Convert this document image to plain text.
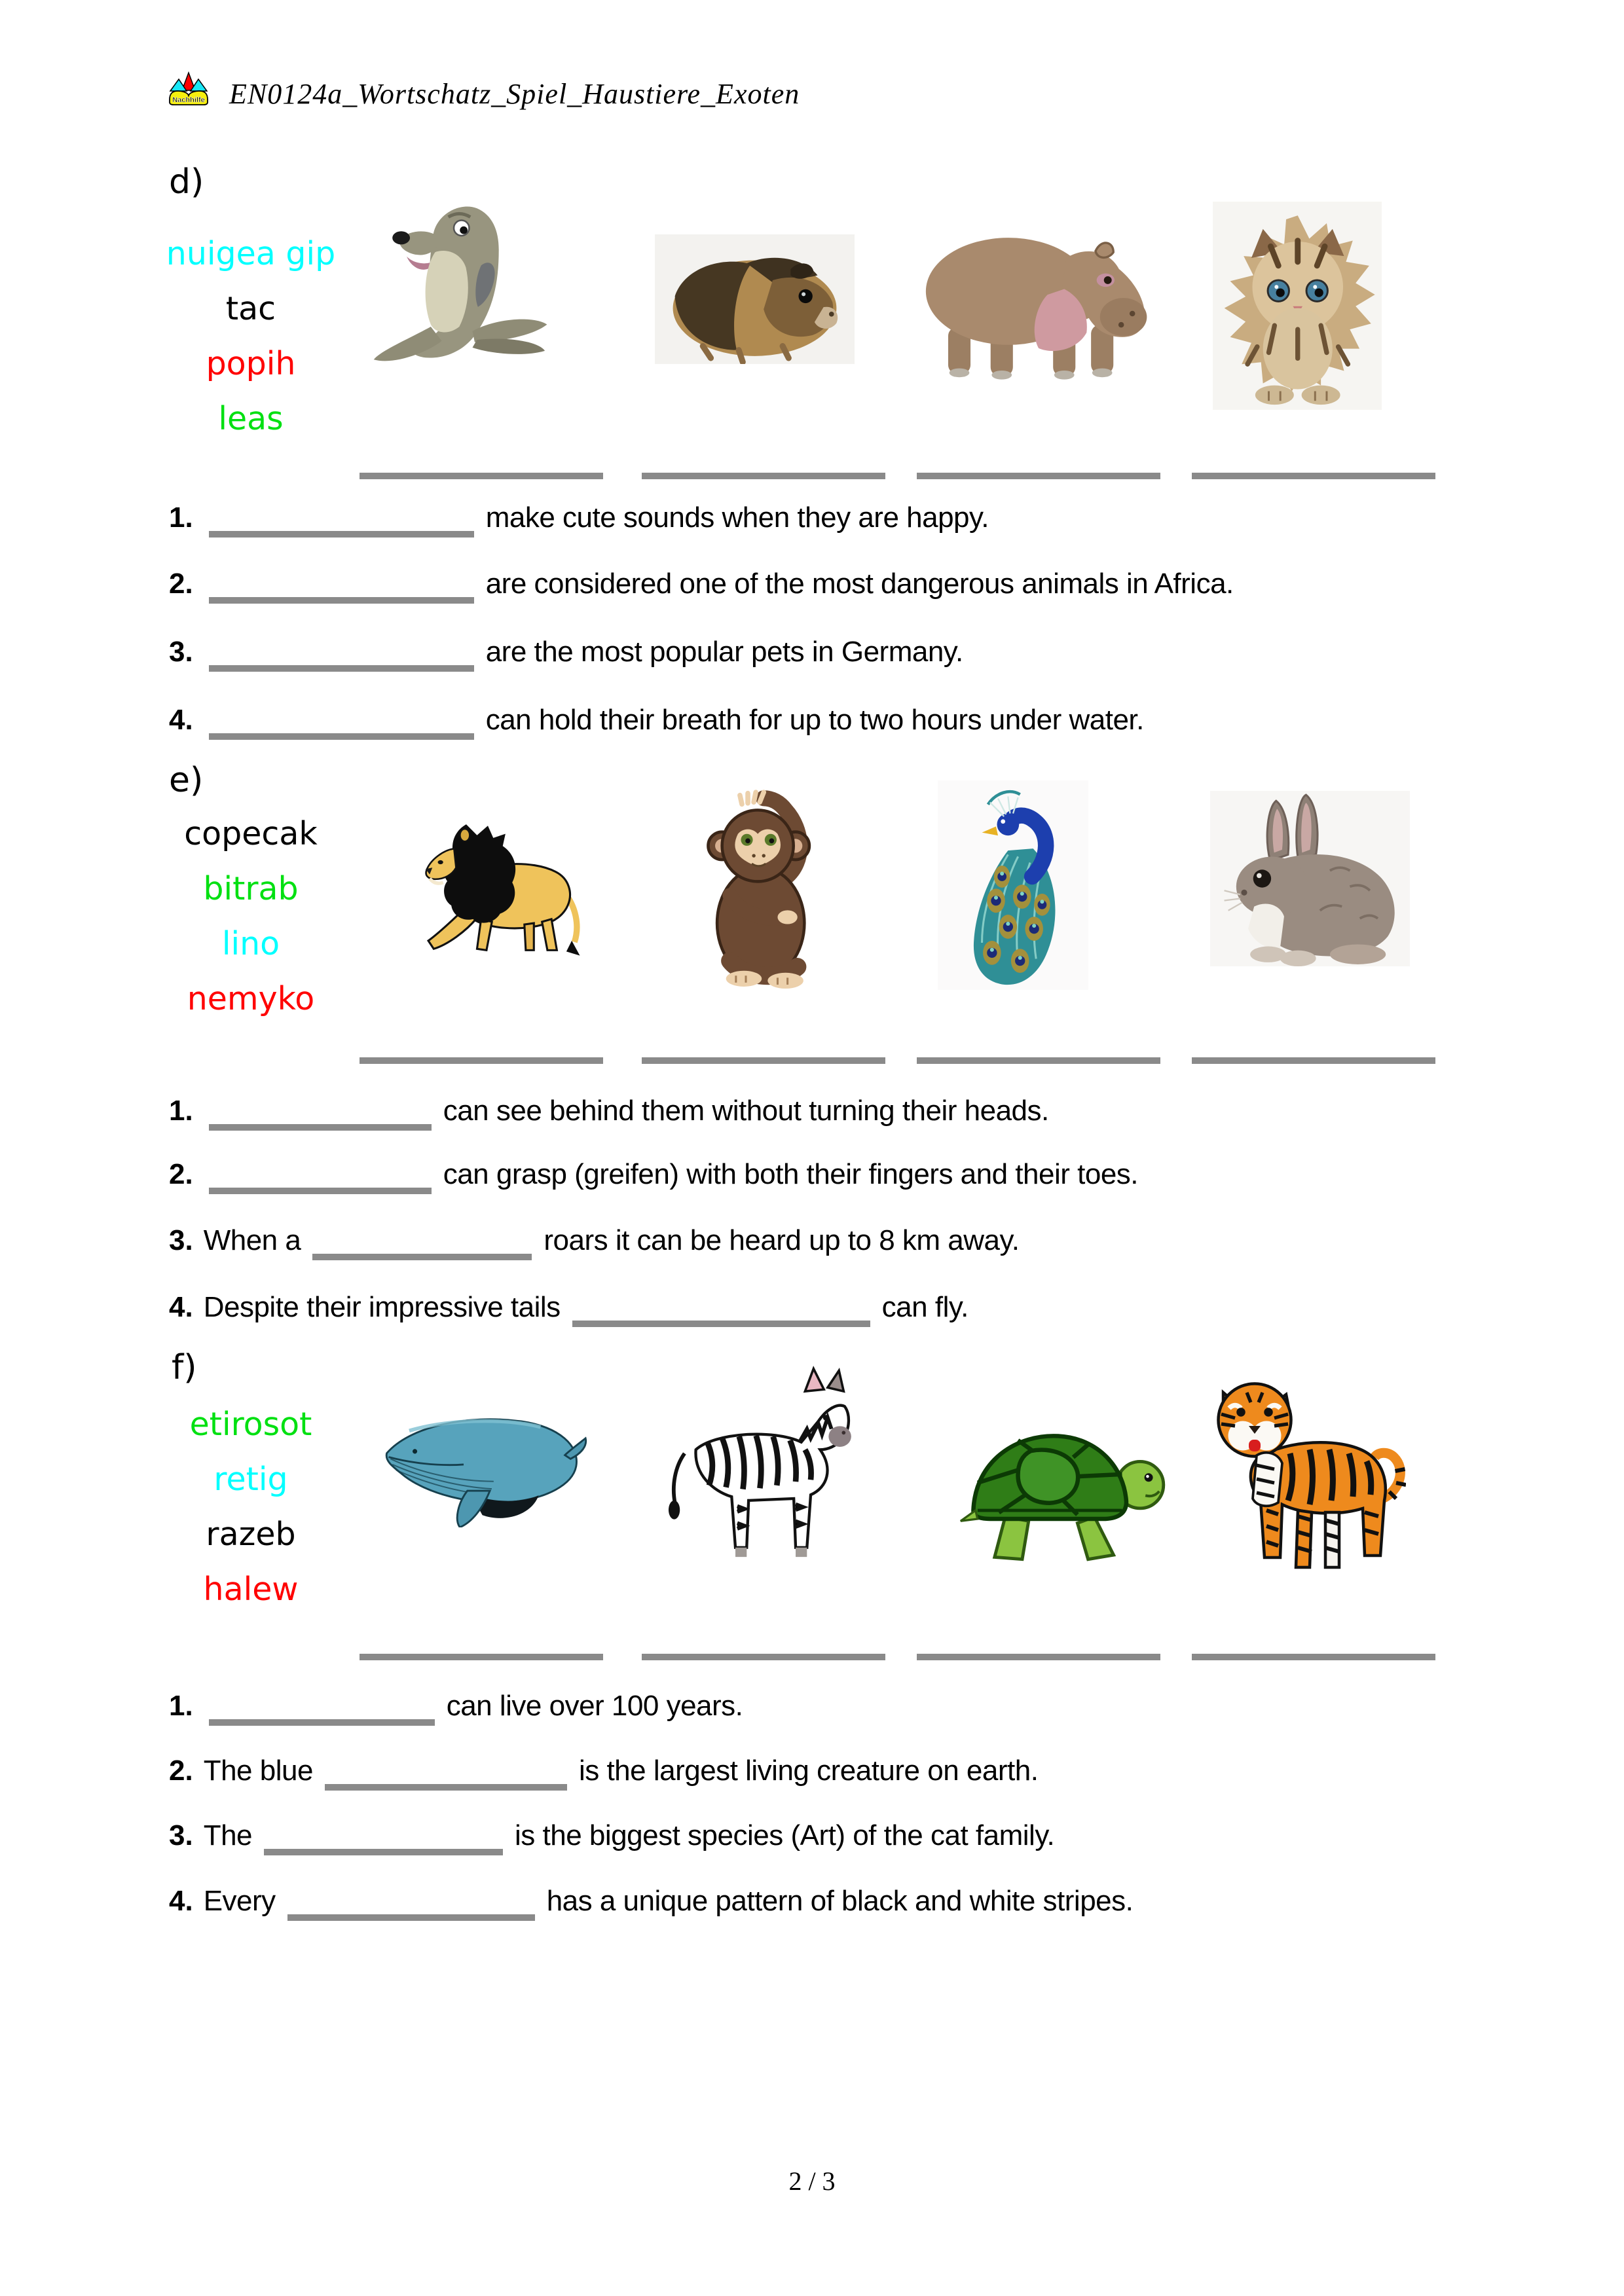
Nachhilfe EN0124a_Wortschatz_Spiel_Haustiere_Exoten
d)
nuigea gip
tac
popih
leas
1.	make cute sounds when they are happy.
2.	are considered one of the most dangerous animals in Africa.
3.	are the most popular pets in Germany.
4.	can hold their breath for up to two hours under water.
e)
copecak
bitrab
lino
nemyko
1.	can see behind them without turning their heads.
2.	can grasp (greifen) with both their fingers and their toes.
3. When a	roars it can be heard up to 8 km away.
4. Despite their impressive tails	can fly.
f)
etirosot
retig
razeb
halew
1.	can live over 100 years.
2. The blue	is the largest living creature on earth.
3. The	is the biggest species (Art) of the cat family.
4. Every	has a unique pattern of black and white stripes.
2 / 3
